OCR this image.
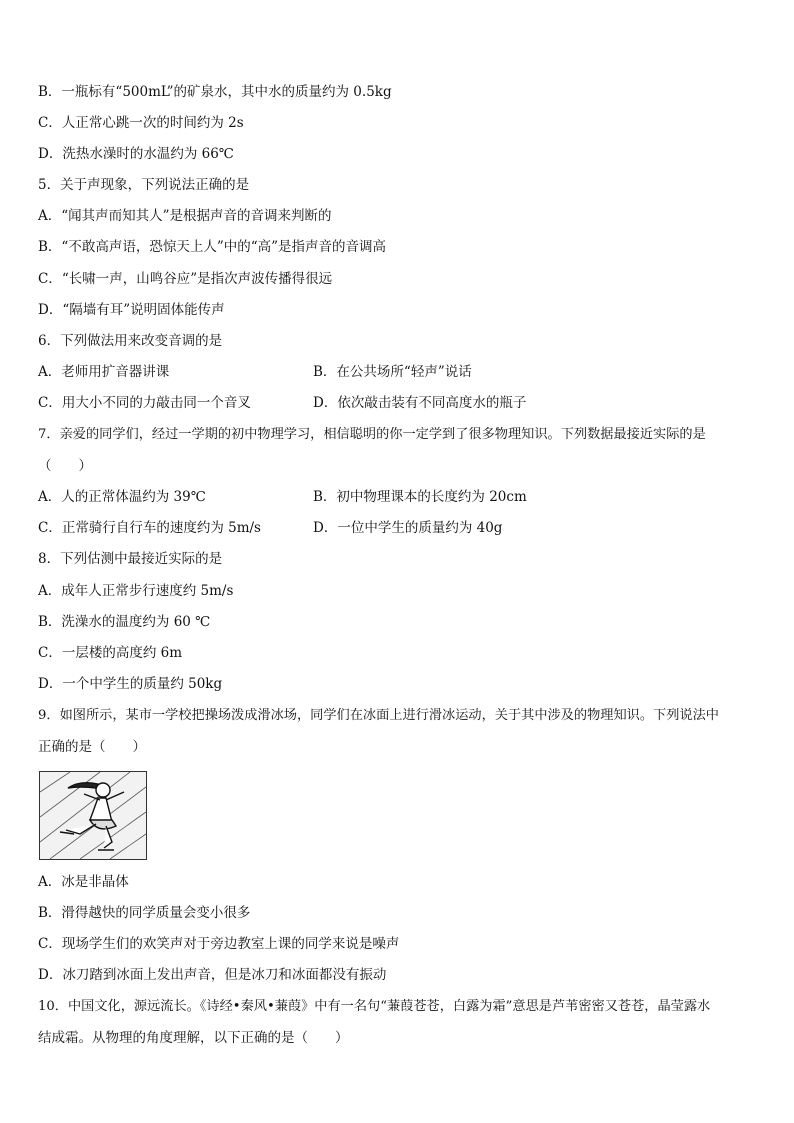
B．一瓶标有“500mL”的矿泉水，其中水的质量约为 0.5kg
C．人正常心跳一次的时间约为 2s
D．洗热水澡时的水温约为 66℃
5．关于声现象，下列说法正确的是
A．“闻其声而知其人”是根据声音的音调来判断的
B．“不敢高声语，恐惊天上人”中的“高”是指声音的音调高
C．“长啸一声，山鸣谷应”是指次声波传播得很远
D．“隔墙有耳”说明固体能传声
6．下列做法用来改变音调的是
A．老师用扩音器讲课	B．在公共场所“轻声”说话
C．用大小不同的力敲击同一个音叉	D．依次敲击装有不同高度水的瓶子
7．亲爱的同学们，经过一学期的初中物理学习，相信聪明的你一定学到了很多物理知识。下列数据最接近实际的是
（　　）
A．人的正常体温约为 39℃	B．初中物理课本的长度约为 20cm
C．正常骑行自行车的速度约为 5m/s	D．一位中学生的质量约为 40g
8．下列估测中最接近实际的是
A．成年人正常步行速度约 5m/s
B．洗澡水的温度约为 60 ℃
C．一层楼的高度约 6m
D．一个中学生的质量约 50kg
9．如图所示，某市一学校把操场泼成滑冰场，同学们在冰面上进行滑冰运动，关于其中涉及的物理知识。下列说法中
正确的是（　　）
A．冰是非晶体
B．滑得越快的同学质量会变小很多
C．现场学生们的欢笑声对于旁边教室上课的同学来说是噪声
D．冰刀踏到冰面上发出声音，但是冰刀和冰面都没有振动
10．中国文化，源远流长。《诗经•秦风•蒹葭》中有一名句“蒹葭苍苍，白露为霜”意思是芦苇密密又苍苍，晶莹露水
结成霜。从物理的角度理解，以下正确的是（　　）
